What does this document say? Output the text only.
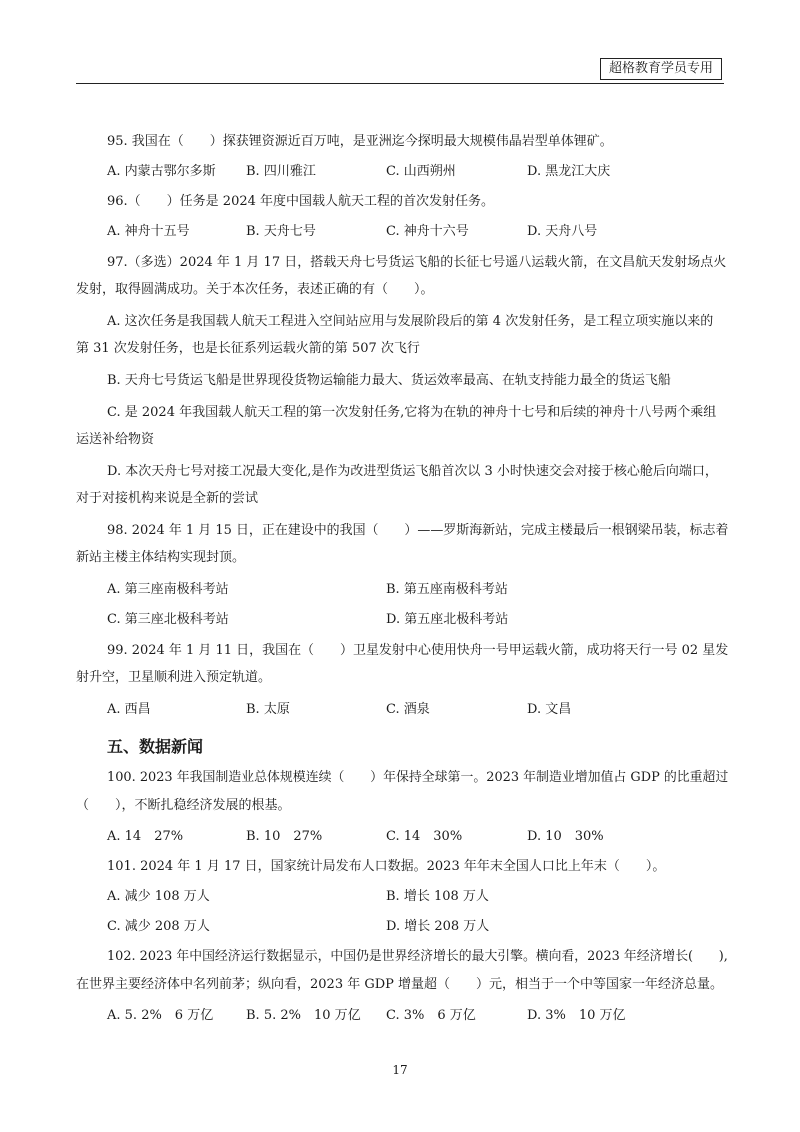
超格教育学员专用
95. 我国在（　　）探获锂资源近百万吨，是亚洲迄今探明最大规模伟晶岩型单体锂矿。
A. 内蒙古鄂尔多斯 B. 四川雅江	C. 山西朔州	D. 黑龙江大庆
96.（　　）任务是 2024 年度中国载人航天工程的首次发射任务。
A. 神舟十五号	B. 天舟七号	C. 神舟十六号	D. 天舟八号
97.（多选）2024 年 1 月 17 日，搭载天舟七号货运飞船的长征七号遥八运载火箭，在文昌航天发射场点火
发射，取得圆满成功。关于本次任务，表述正确的有（　　）。
A. 这次任务是我国载人航天工程进入空间站应用与发展阶段后的第 4 次发射任务，是工程立项实施以来的
第 31 次发射任务，也是长征系列运载火箭的第 507 次飞行
B. 天舟七号货运飞船是世界现役货物运输能力最大、货运效率最高、在轨支持能力最全的货运飞船
C. 是 2024 年我国载人航天工程的第一次发射任务,它将为在轨的神舟十七号和后续的神舟十八号两个乘组
运送补给物资
D. 本次天舟七号对接工况最大变化,是作为改进型货运飞船首次以 3 小时快速交会对接于核心舱后向端口，
对于对接机构来说是全新的尝试
98. 2024 年 1 月 15 日，正在建设中的我国（　　）——罗斯海新站，完成主楼最后一根钢梁吊装，标志着
新站主楼主体结构实现封顶。
A. 第三座南极科考站	B. 第五座南极科考站
C. 第三座北极科考站	D. 第五座北极科考站
99. 2024 年 1 月 11 日，我国在（　　）卫星发射中心使用快舟一号甲运载火箭，成功将天行一号 02 星发
射升空，卫星顺利进入预定轨道。
A. 西昌	B. 太原	C. 酒泉	D. 文昌
五、数据新闻
100. 2023 年我国制造业总体规模连续（　　）年保持全球第一。2023 年制造业增加值占 GDP 的比重超过
（　　），不断扎稳经济发展的根基。
A. 14　27%	B. 10　27%	C. 14　30%	D. 10　30%
101. 2024 年 1 月 17 日，国家统计局发布人口数据。2023 年年末全国人口比上年末（　　）。
A. 减少 108 万人	B. 增长 108 万人
C. 减少 208 万人	D. 增长 208 万人
102. 2023 年中国经济运行数据显示，中国仍是世界经济增长的最大引擎。横向看，2023 年经济增长(　　),
在世界主要经济体中名列前茅；纵向看，2023 年 GDP 增量超（　　）元，相当于一个中等国家一年经济总量。
A. 5. 2%　6 万亿	B. 5. 2%　10 万亿 C. 3%　6 万亿	D. 3%　10 万亿
17
